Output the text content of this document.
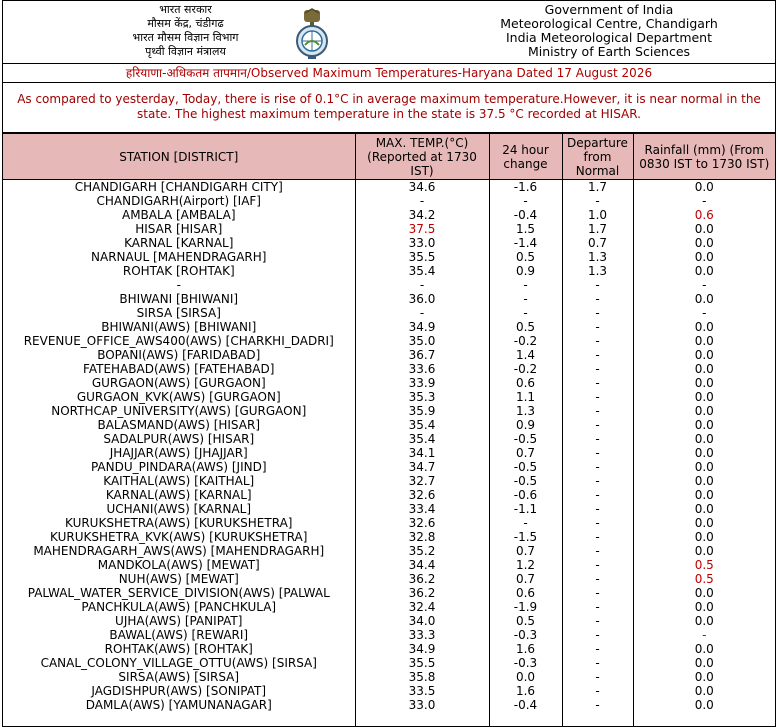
भारत सरकार
मौसम केंद्र, चंडीगढ
भारत मौसम विज्ञान विभाग
पृथ्वी विज्ञान मंत्रालय
Government of India
Meteorological Centre, Chandigarh
India Meteorological Department
Ministry of Earth Sciences
हरियाणा-अधिकतम तापमान/Observed Maximum Temperatures-Haryana Dated 17 August 2026
As compared to yesterday, Today, there is rise of 0.1°C in average maximum temperature.However, it is near normal in the state. The highest maximum temperature in the state is 37.5 °C recorded at HISAR.
STATION [DISTRICT]	MAX. TEMP.(°C) (Reported at 1730 IST)	24 hour change	Departure from Normal	Rainfall (mm) (From 0830 IST to 1730 IST)
CHANDIGARH [CHANDIGARH CITY]	34.6	-1.6	1.7	0.0
CHANDIGARH(Airport) [IAF]	-	-	-	-
AMBALA [AMBALA]	34.2	-0.4	1.0	0.6
HISAR [HISAR]	37.5	1.5	1.7	0.0
KARNAL [KARNAL]	33.0	-1.4	0.7	0.0
NARNAUL [MAHENDRAGARH]	35.5	0.5	1.3	0.0
ROHTAK [ROHTAK]	35.4	0.9	1.3	0.0
-	-	-	-	-
BHIWANI [BHIWANI]	36.0	-	-	0.0
SIRSA [SIRSA]	-	-	-	-
BHIWANI(AWS) [BHIWANI]	34.9	0.5	-	0.0
REVENUE_OFFICE_AWS400(AWS) [CHARKHI_DADRI]	35.0	-0.2	-	0.0
BOPANI(AWS) [FARIDABAD]	36.7	1.4	-	0.0
FATEHABAD(AWS) [FATEHABAD]	33.6	-0.2	-	0.0
GURGAON(AWS) [GURGAON]	33.9	0.6	-	0.0
GURGAON_KVK(AWS) [GURGAON]	35.3	1.1	-	0.0
NORTHCAP_UNIVERSITY(AWS) [GURGAON]	35.9	1.3	-	0.0
BALASMAND(AWS) [HISAR]	35.4	0.9	-	0.0
SADALPUR(AWS) [HISAR]	35.4	-0.5	-	0.0
JHAJJAR(AWS) [JHAJJAR]	34.1	0.7	-	0.0
PANDU_PINDARA(AWS) [JIND]	34.7	-0.5	-	0.0
KAITHAL(AWS) [KAITHAL]	32.7	-0.5	-	0.0
KARNAL(AWS) [KARNAL]	32.6	-0.6	-	0.0
UCHANI(AWS) [KARNAL]	33.4	-1.1	-	0.0
KURUKSHETRA(AWS) [KURUKSHETRA]	32.6	-	-	0.0
KURUKSHETRA_KVK(AWS) [KURUKSHETRA]	32.8	-1.5	-	0.0
MAHENDRAGARH_AWS(AWS) [MAHENDRAGARH]	35.2	0.7	-	0.0
MANDKOLA(AWS) [MEWAT]	34.4	1.2	-	0.5
NUH(AWS) [MEWAT]	36.2	0.7	-	0.5
PALWAL_WATER_SERVICE_DIVISION(AWS) [PALWAL	36.2	0.6	-	0.0
PANCHKULA(AWS) [PANCHKULA]	32.4	-1.9	-	0.0
UJHA(AWS) [PANIPAT]	34.0	0.5	-	0.0
BAWAL(AWS) [REWARI]	33.3	-0.3	-	-
ROHTAK(AWS) [ROHTAK]	34.9	1.6	-	0.0
CANAL_COLONY_VILLAGE_OTTU(AWS) [SIRSA]	35.5	-0.3	-	0.0
SIRSA(AWS) [SIRSA]	35.8	0.0	-	0.0
JAGDISHPUR(AWS) [SONIPAT]	33.5	1.6	-	0.0
DAMLA(AWS) [YAMUNANAGAR]	33.0	-0.4	-	0.0
